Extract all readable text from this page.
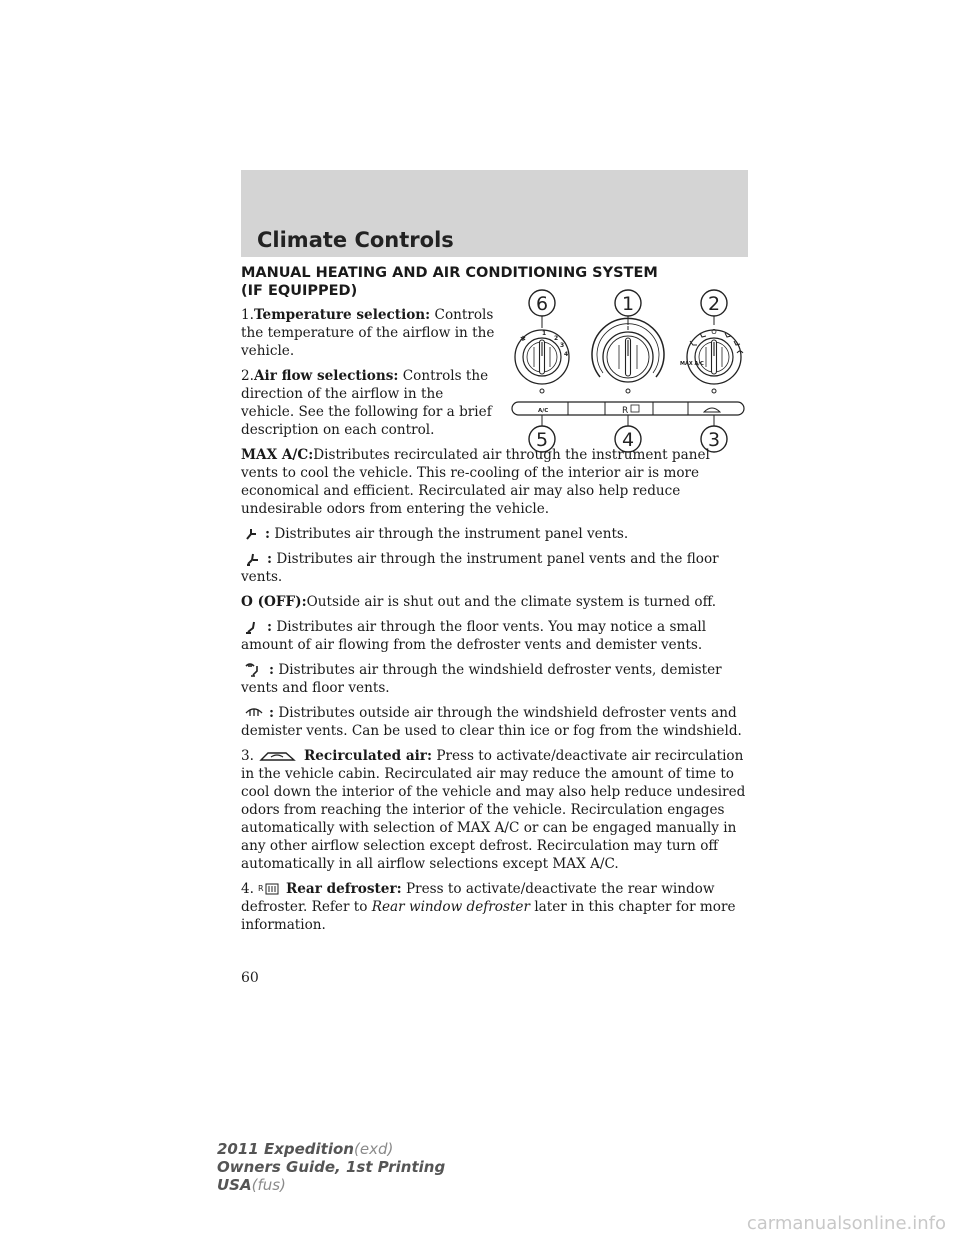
Climate Controls
6	1	2
✱
1
2
3
4
O
MAX A/C
A/C	R
5	4	3
MANUAL HEATING AND AIR CONDITIONING SYSTEM
(IF EQUIPPED)

1.Temperature selection: Controls the temperature of the airflow in the vehicle.

2.Air flow selections: Controls the direction of the airflow in the vehicle. See the following for a brief description on each control.

MAX A/C:Distributes recirculated air through the instrument panel vents to cool the vehicle. This re-cooling of the interior air is more economical and efficient. Recirculated air may also help reduce undesirable odors from entering the vehicle.

: Distributes air through the instrument panel vents.

: Distributes air through the instrument panel vents and the floor vents.

O (OFF):Outside air is shut out and the climate system is turned off.

: Distributes air through the floor vents. You may notice a small amount of air flowing from the defroster vents and demister vents.

: Distributes air through the windshield defroster vents, demister vents and floor vents.

: Distributes outside air through the windshield defroster vents and demister vents. Can be used to clear thin ice or fog from the windshield.

3.	Recirculated air: Press to activate/deactivate air recirculation in the vehicle cabin. Recirculated air may reduce the amount of time to cool down the interior of the vehicle and may also help reduce undesired odors from reaching the interior of the vehicle. Recirculation engages automatically with selection of MAX A/C or can be engaged manually in any other airflow selection except defrost. Recirculation may turn off automatically in all airflow selections except MAX A/C.

4. R Rear defroster: Press to activate/deactivate the rear window defroster. Refer to Rear window defroster later in this chapter for more information.

60
2011 Expedition(exd)
Owners Guide, 1st Printing
USA(fus)
carmanualsonline.info
